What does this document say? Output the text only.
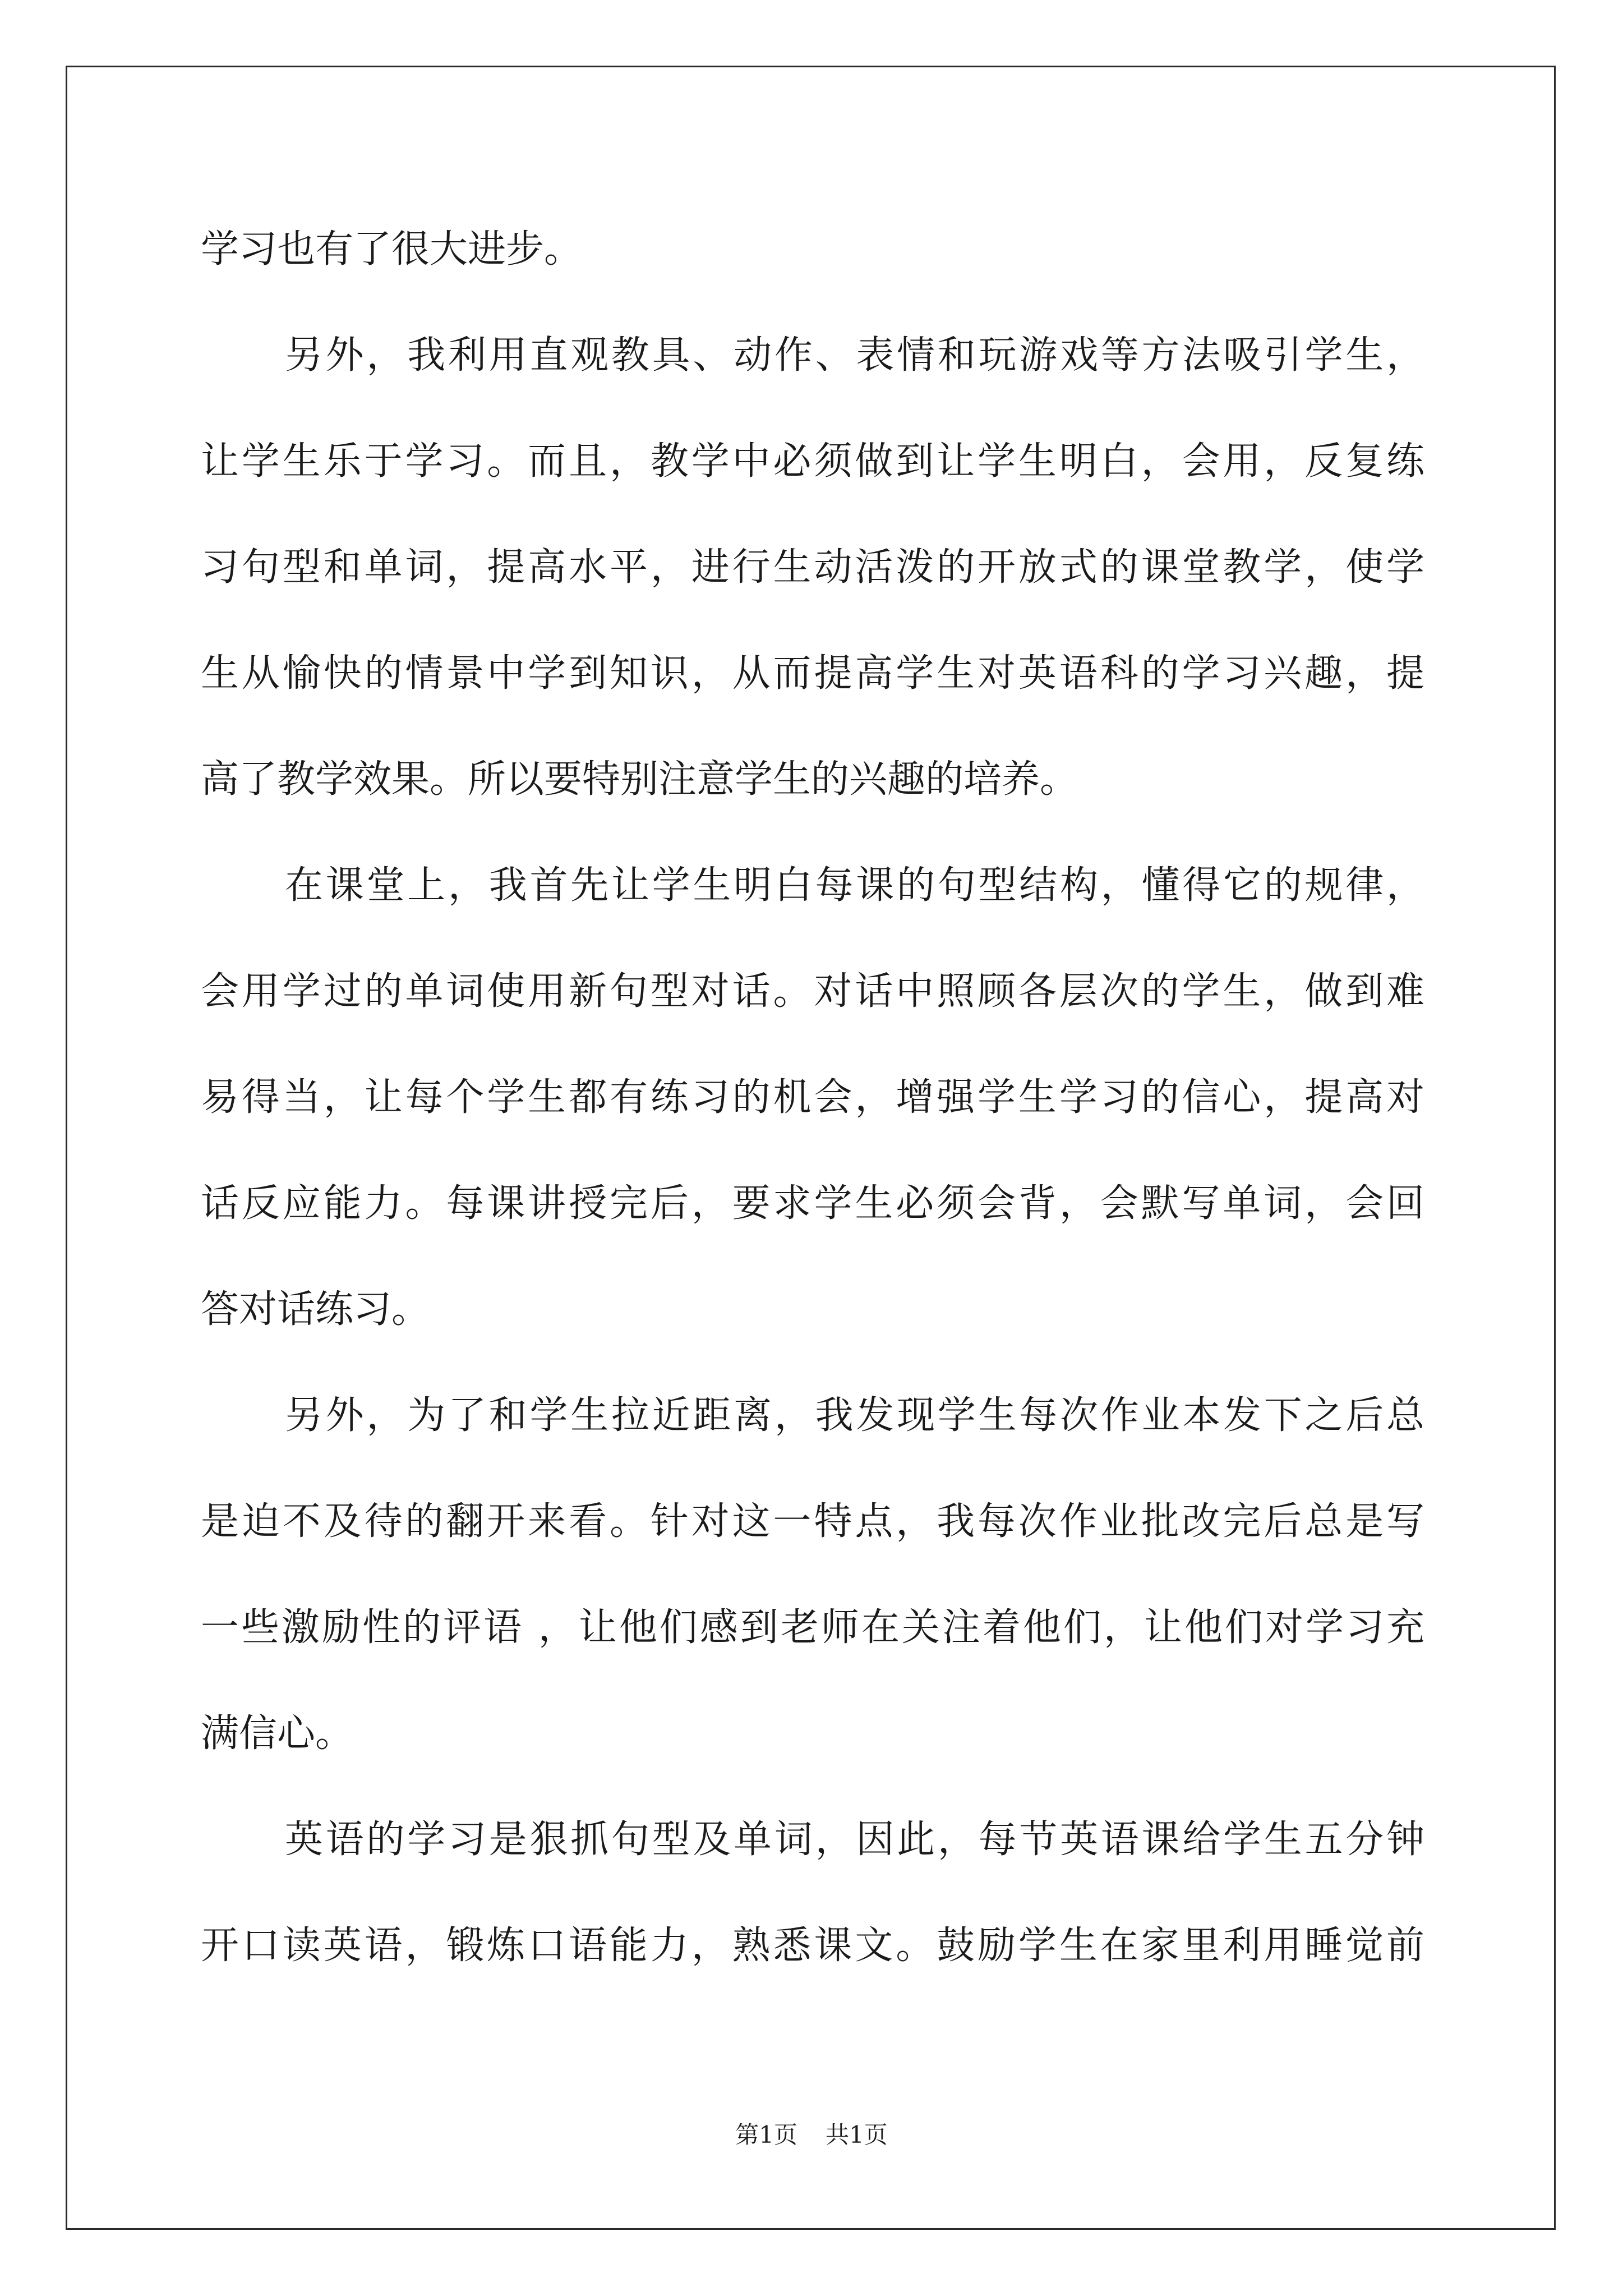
学习也有了很大进步。
另外，我利用直观教具、动作、表情和玩游戏等方法吸引学生，
让学生乐于学习。而且，教学中必须做到让学生明白，会用，反复练
习句型和单词，提高水平，进行生动活泼的开放式的课堂教学，使学
生从愉快的情景中学到知识，从而提高学生对英语科的学习兴趣，提
高了教学效果。所以要特别注意学生的兴趣的培养。
在课堂上，我首先让学生明白每课的句型结构，懂得它的规律，
会用学过的单词使用新句型对话。对话中照顾各层次的学生，做到难
易得当，让每个学生都有练习的机会，增强学生学习的信心，提高对
话反应能力。每课讲授完后，要求学生必须会背，会默写单词，会回
答对话练习。
另外，为了和学生拉近距离，我发现学生每次作业本发下之后总
是迫不及待的翻开来看。针对这一特点，我每次作业批改完后总是写
一些激励性的评语 ，让他们感到老师在关注着他们，让他们对学习充
满信心。
英语的学习是狠抓句型及单词，因此，每节英语课给学生五分钟
开口读英语，锻炼口语能力，熟悉课文。鼓励学生在家里利用睡觉前
第1页 共1页
